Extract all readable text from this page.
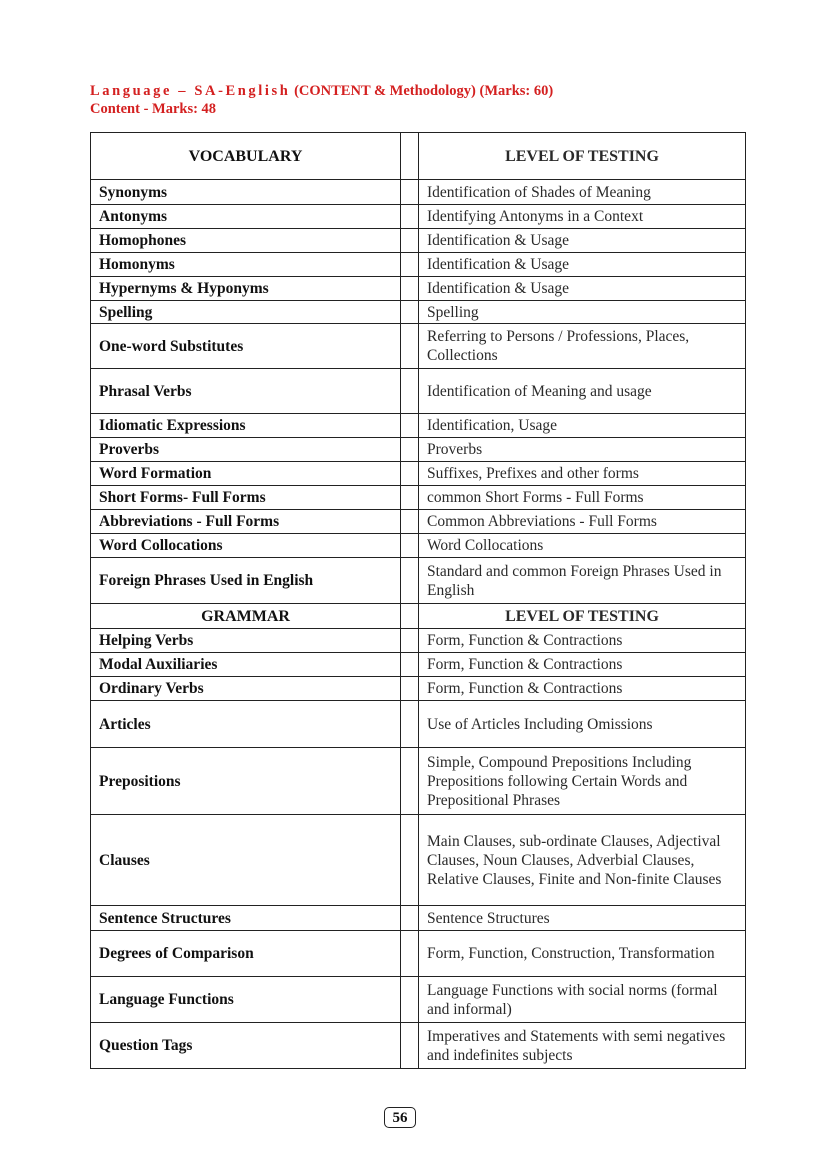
Language – SA-English (CONTENT & Methodology) (Marks: 60)
Content - Marks: 48
VOCABULARY		LEVEL OF TESTING
Synonyms		Identification of Shades of Meaning
Antonyms		Identifying Antonyms in a Context
Homophones		Identification & Usage
Homonyms		Identification & Usage
Hypernyms & Hyponyms		Identification & Usage
Spelling		Spelling
One-word Substitutes		Referring to Persons / Professions, Places, Collections
Phrasal Verbs		Identification of Meaning and usage
Idiomatic Expressions		Identification, Usage
Proverbs		Proverbs
Word Formation		Suffixes, Prefixes and other forms
Short Forms- Full Forms		common Short Forms - Full Forms
Abbreviations - Full Forms		Common Abbreviations - Full Forms
Word Collocations		Word Collocations
Foreign Phrases Used in English		Standard and common Foreign Phrases Used in English
GRAMMAR		LEVEL OF TESTING
Helping Verbs		Form, Function & Contractions
Modal Auxiliaries		Form, Function & Contractions
Ordinary Verbs		Form, Function & Contractions
Articles		Use of Articles Including Omissions
Prepositions		Simple, Compound Prepositions Including Prepositions following Certain Words and Prepositional Phrases
Clauses		Main Clauses, sub-ordinate Clauses, Adjectival Clauses, Noun Clauses, Adverbial Clauses, Relative Clauses, Finite and Non-finite Clauses
Sentence Structures		Sentence Structures
Degrees of Comparison		Form, Function, Construction, Transformation
Language Functions		Language Functions with social norms (formal and informal)
Question Tags		Imperatives and Statements with semi negatives and indefinites subjects
56
